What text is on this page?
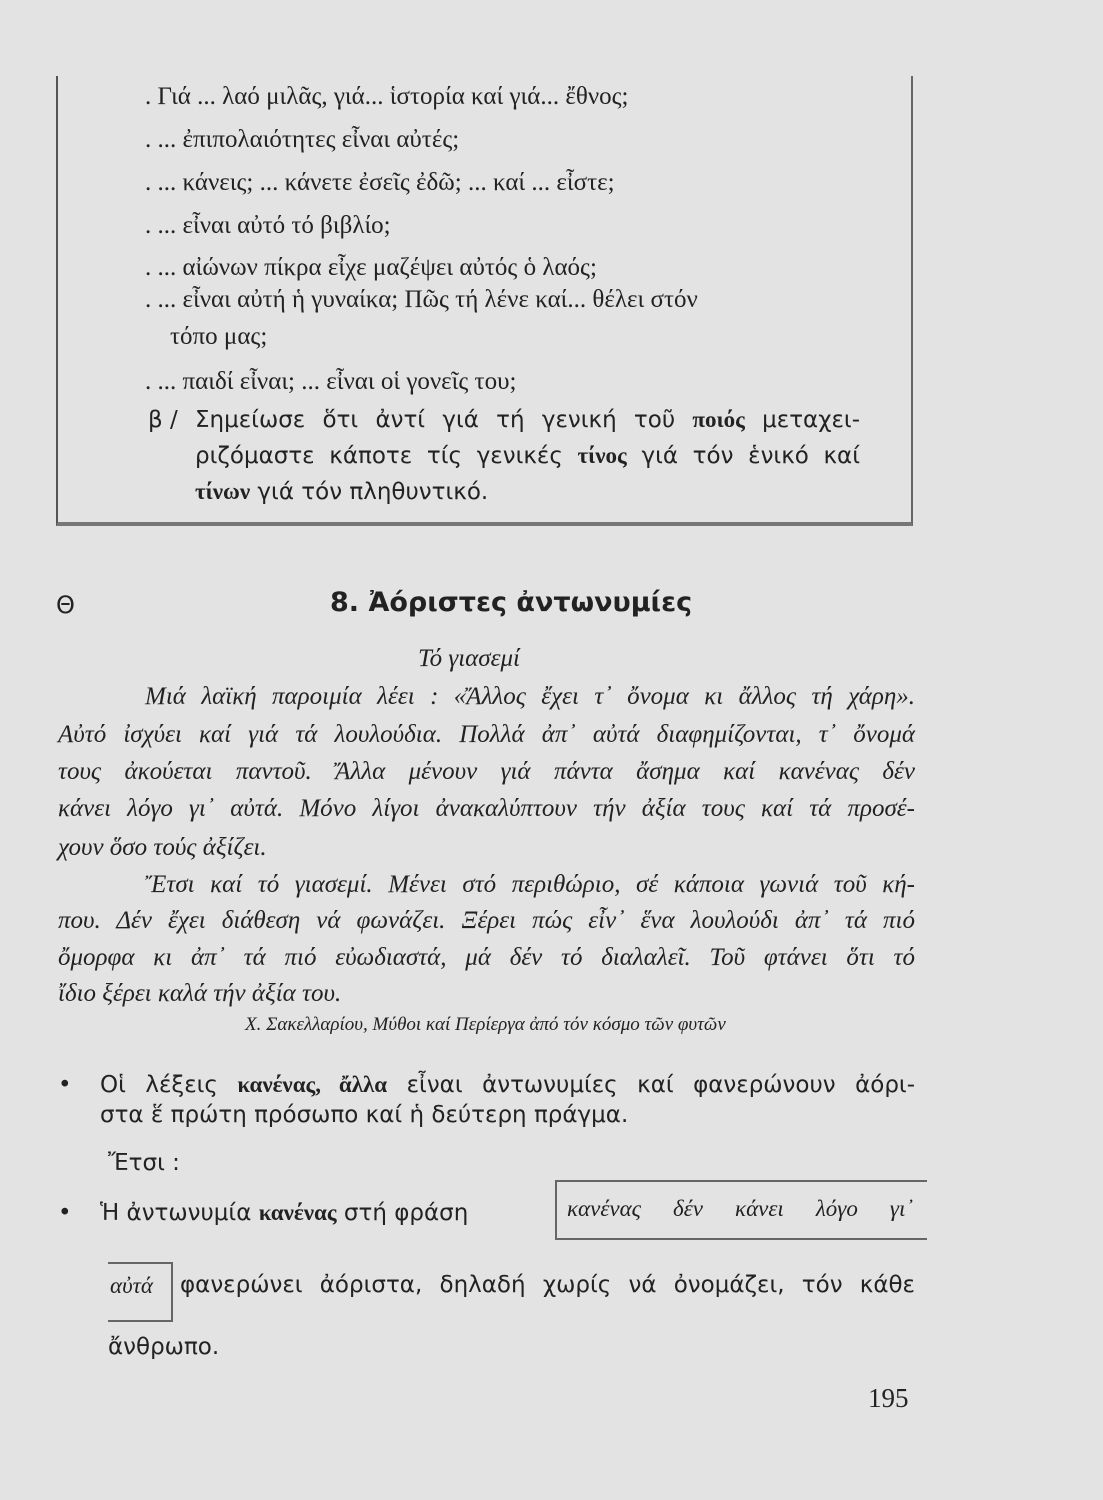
. Γιά ... λαό μιλᾶς, γιά... ἱστορία καί γιά... ἔθνος;
. ... ἐπιπολαιότητες εἶναι αὐτές;
. ... κάνεις; ... κάνετε ἐσεῖς ἐδῶ; ... καί ... εἶστε;
. ... εἶναι αὐτό τό βιβλίο;
. ... αἰώνων πίκρα εἶχε μαζέψει αὐτός ὁ λαός;
. ... εἶναι αὐτή ἡ γυναίκα; Πῶς τή λένε καί... θέλει στόν
τόπο μας;
. ... παιδί εἶναι; ... εἶναι οἱ γονεῖς του;
β / Σημείωσε ὅτι ἀντί γιά τή γενική τοῦ ποιός μεταχει-
ριζόμαστε κάποτε τίς γενικές τίνος γιά τόν ἑνικό καί
τίνων γιά τόν πληθυντικό.
Θ	8. Ἀόριστες ἀντωνυμίες
Τό γιασεμί
Μιά λαϊκή παροιμία λέει : «Ἄλλος ἔχει τ᾽ ὄνομα κι ἄλλος τή χάρη».
Αὐτό ἰσχύει καί γιά τά λουλούδια. Πολλά ἀπ᾽ αὐτά διαφημίζονται, τ᾽ ὄνομά
τους ἀκούεται παντοῦ. Ἄλλα μένουν γιά πάντα ἄσημα καί κανένας δέν
κάνει λόγο γι᾽ αὐτά. Μόνο λίγοι ἀνακαλύπτουν τήν ἀξία τους καί τά προσέ-
χουν ὅσο τούς ἀξίζει.
Ἔτσι καί τό γιασεμί. Μένει στό περιθώριο, σέ κάποια γωνιά τοῦ κή-
που. Δέν ἔχει διάθεση νά φωνάζει. Ξέρει πώς εἶν᾽ ἕνα λουλούδι ἀπ᾽ τά πιό
ὄμορφα κι ἀπ᾽ τά πιό εὐωδιαστά, μά δέν τό διαλαλεῖ. Τοῦ φτάνει ὅτι τό
ἴδιο ξέρει καλά τήν ἀξία του.
Χ. Σακελλαρίου, Μύθοι καί Περίεργα ἀπό τόν κόσμο τῶν φυτῶν
• Οἱ λέξεις κανένας, ἄλλα εἶναι ἀντωνυμίες καί φανερώνουν ἀόρι-
στα ἕ πρώτη πρόσωπο καί ἡ δεύτερη πράγμα.
Ἔτσι :
• Ἡ ἀντωνυμία κανένας στή φράση	κανένας δέν κάνει λόγο γι᾽
αὐτά φανερώνει ἀόριστα, δηλαδή χωρίς νά ὀνομάζει, τόν κάθε
ἄνθρωπο.
195
